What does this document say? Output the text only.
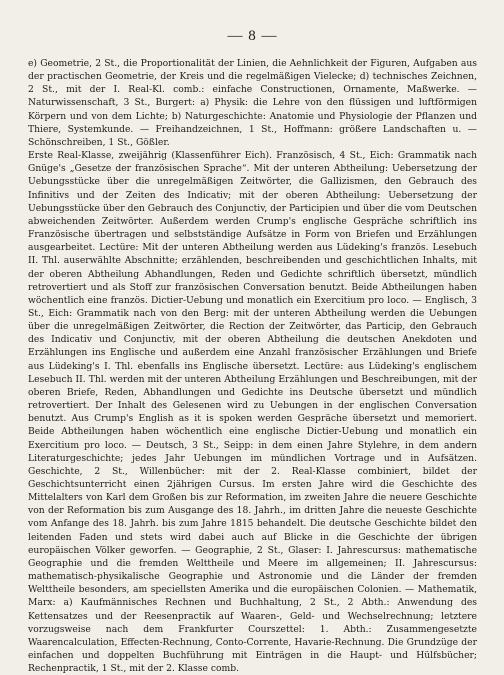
— 8 —

e) Geometrie, 2 St., die Proportionalität der Linien, die Aehnlichkeit der Figuren, Aufgaben aus der practischen Geometrie, der Kreis und die regelmäßigen Vielecke; d) technisches Zeichnen, 2 St., mit der I. Real-Kl. comb.: einfache Constructionen, Ornamente, Maßwerke. — Naturwissenschaft, 3 St., Burgert: a) Physik: die Lehre von den flüssigen und luftförmigen Körpern und von dem Lichte; b) Naturgeschichte: Anatomie und Physiologie der Pflanzen und Thiere, Systemkunde. — Freihandzeichnen, 1 St., Hoffmann: größere Landschaften u. — Schönschreiben, 1 St., Gößler.

Erste Real-Klasse, zweijährig (Klassenführer Eich). Französisch, 4 St., Eich: Grammatik nach Gnüge's „Gesetze der französischen Sprache“. Mit der unteren Abtheilung: Uebersetzung der Uebungsstücke über die unregelmäßigen Zeitwörter, die Gallizismen, den Gebrauch des Infinitivs und der Zeiten des Indicativ; mit der oberen Abtheilung: Uebersetzung der Uebungsstücke über den Gebrauch des Conjunctiv, der Participien und über die vom Deutschen abweichenden Zeitwörter. Außerdem werden Crump's englische Gespräche schriftlich ins Französische übertragen und selbstständige Aufsätze in Form von Briefen und Erzählungen ausgearbeitet. Lectüre: Mit der unteren Abtheilung werden aus Lüdeking's französ. Lesebuch II. Thl. auserwählte Abschnitte; erzählenden, beschreibenden und geschichtlichen Inhalts, mit der oberen Abtheilung Abhandlungen, Reden und Gedichte schriftlich übersetzt, mündlich retrovertiert und als Stoff zur französischen Conversation benutzt. Beide Abtheilungen haben wöchentlich eine französ. Dictier-Uebung und monatlich ein Exercitium pro loco. — Englisch, 3 St., Eich: Grammatik nach von den Berg: mit der unteren Abtheilung werden die Uebungen über die unregelmäßigen Zeitwörter, die Rection der Zeitwörter, das Particip, den Gebrauch des Indicativ und Conjunctiv, mit der oberen Abtheilung die deutschen Anekdoten und Erzählungen ins Englische und außerdem eine Anzahl französischer Erzählungen und Briefe aus Lüdeking's I. Thl. ebenfalls ins Englische übersetzt. Lectüre: aus Lüdeking's englischem Lesebuch II. Thl. werden mit der unteren Abtheilung Erzählungen und Beschreibungen, mit der oberen Briefe, Reden, Abhandlungen und Gedichte ins Deutsche übersetzt und mündlich retrovertiert. Der Inhalt des Gelesenen wird zu Uebungen in der englischen Conversation benutzt. Aus Crump's English as it is spoken werden Gespräche übersetzt und memoriert. Beide Abtheilungen haben wöchentlich eine englische Dictier-Uebung und monatlich ein Exercitium pro loco. — Deutsch, 3 St., Seipp: in dem einen Jahre Stylehre, in dem andern Literaturgeschichte; jedes Jahr Uebungen im mündlichen Vortrage und in Aufsätzen. Geschichte, 2 St., Willenbücher: mit der 2. Real-Klasse combiniert, bildet der Geschichtsunterricht einen 2jährigen Cursus. Im ersten Jahre wird die Geschichte des Mittelalters von Karl dem Großen bis zur Reformation, im zweiten Jahre die neuere Geschichte von der Reformation bis zum Ausgange des 18. Jahrh., im dritten Jahre die neueste Geschichte vom Anfange des 18. Jahrh. bis zum Jahre 1815 behandelt. Die deutsche Geschichte bildet den leitenden Faden und stets wird dabei auch auf Blicke in die Geschichte der übrigen europäischen Völker geworfen. — Geographie, 2 St., Glaser: I. Jahrescursus: mathematische Geographie und die fremden Welttheile und Meere im allgemeinen; II. Jahrescursus: mathematisch-physikalische Geographie und Astronomie und die Länder der fremden Welttheile besonders, am speciellsten Amerika und die europäischen Colonien. — Mathematik, Marx: a) Kaufmännisches Rechnen und Buchhaltung, 2 St., 2 Abth.: Anwendung des Kettensatzes und der Reesenpractik auf Waaren-, Geld- und Wechselrechnung; letztere vorzugsweise nach dem Frankfurter Courszettel: 1. Abth.: Zusammengesetzte Waarencalculation, Effecten-Rechnung, Conto-Corrente, Havarie-Rechnung. Die Grundzüge der einfachen und doppelten Buchführung mit Einträgen in die Haupt- und Hülfsbücher; Rechenpractik, 1 St., mit der 2. Klasse comb.
